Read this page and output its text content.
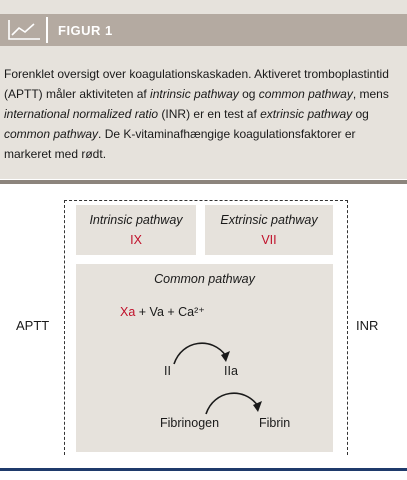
FIGUR 1
Forenklet oversigt over koagulationskaskaden. Aktiveret tromboplastintid (APTT) måler aktiviteten af intrinsic pathway og common pathway, mens international normalized ratio (INR) er en test af extrinsic pathway og common pathway. De K-vitaminafhængige koagulationsfaktorer er markeret med rødt.
APTT	INR
Intrinsic pathway
IX
Extrinsic pathway
VII
Common pathway
Xa + Va + Ca²⁺
II	IIa
Fibrinogen	Fibrin
